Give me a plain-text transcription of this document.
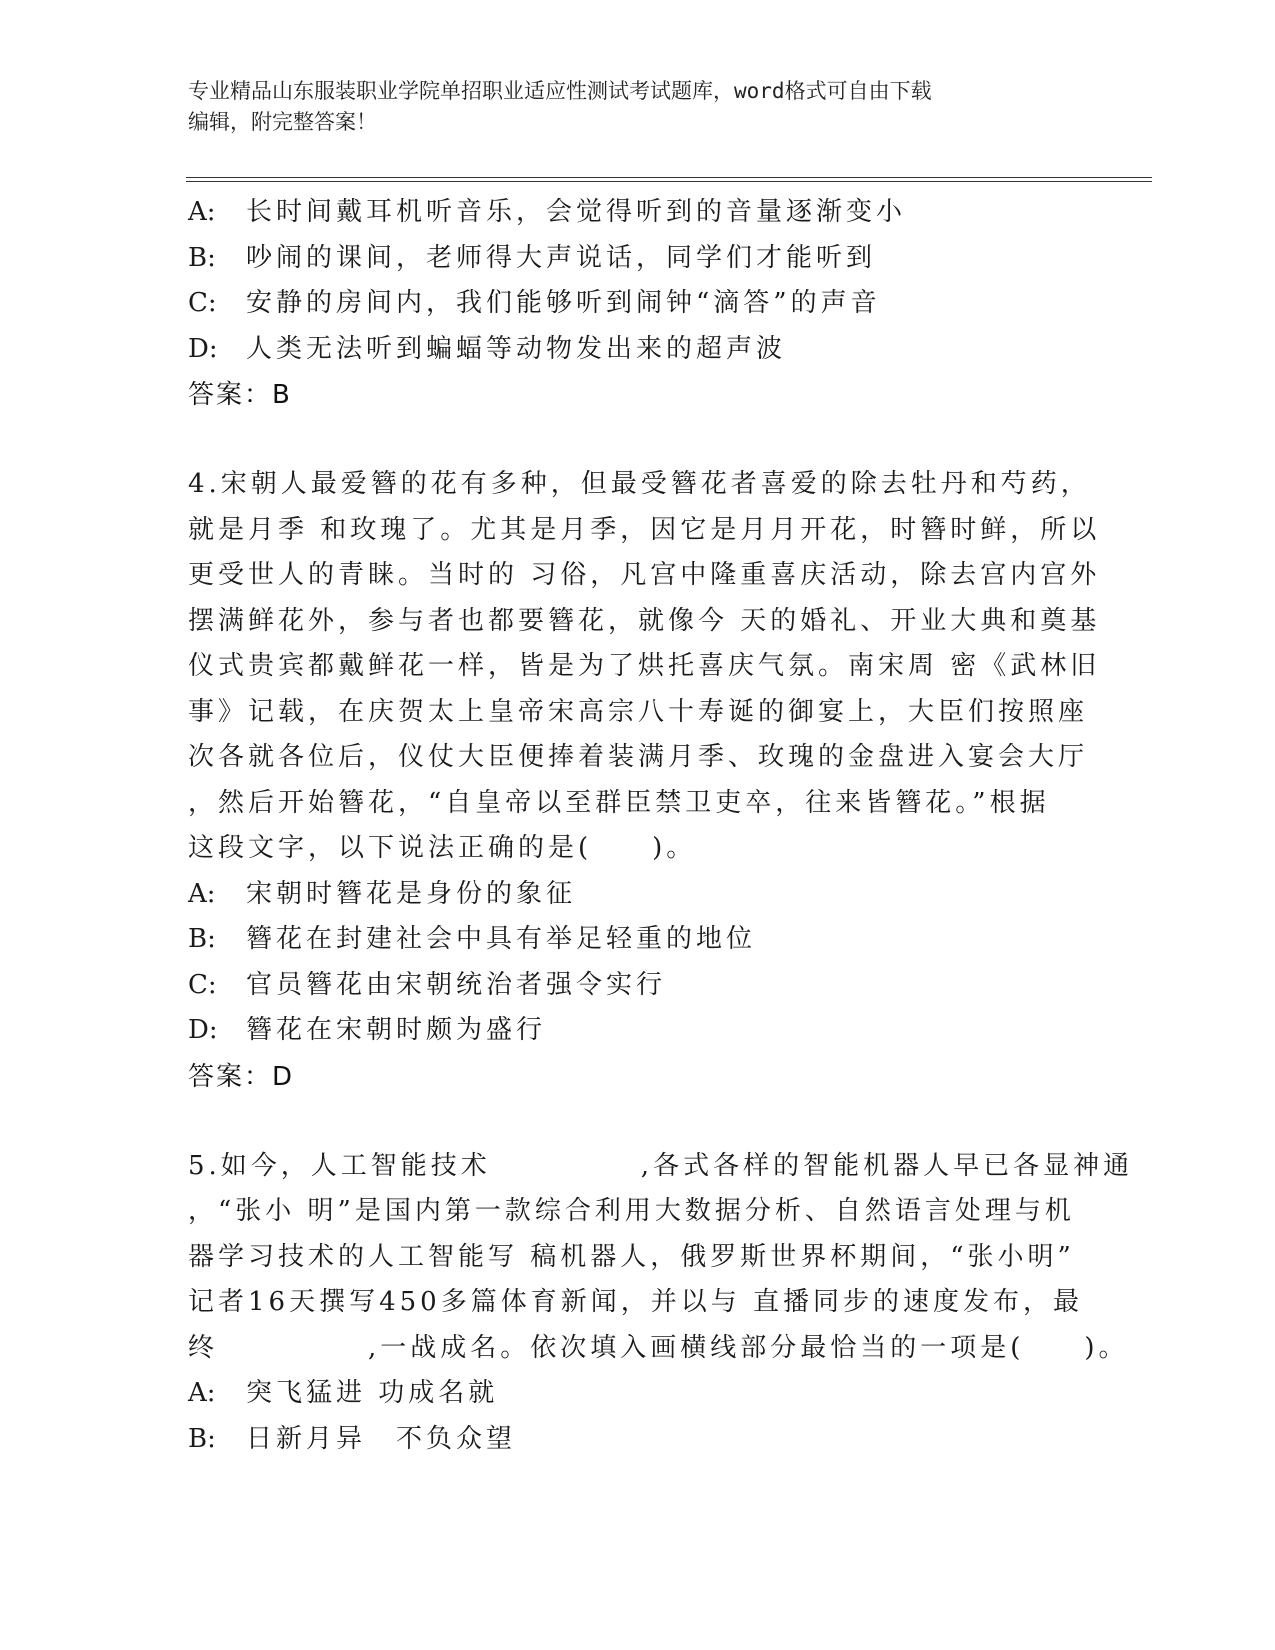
专业精品山东服装职业学院单招职业适应性测试考试题库，word格式可自由下载
编辑，附完整答案！
A: 长时间戴耳机听音乐，会觉得听到的音量逐渐变小
B: 吵闹的课间，老师得大声说话，同学们才能听到
C: 安静的房间内，我们能够听到闹钟“滴答”的声音
D: 人类无法听到蝙蝠等动物发出来的超声波
答案：B
4.宋朝人最爱簪的花有多种，但最受簪花者喜爱的除去牡丹和芍药，
就是月季 和玫瑰了。尤其是月季，因它是月月开花，时簪时鲜，所以
更受世人的青睐。当时的 习俗，凡宫中隆重喜庆活动，除去宫内宫外
摆满鲜花外，参与者也都要簪花，就像今 天的婚礼、开业大典和奠基
仪式贵宾都戴鲜花一样，皆是为了烘托喜庆气氛。南宋周 密《武林旧
事》记载，在庆贺太上皇帝宋高宗八十寿诞的御宴上，大臣们按照座
次各就各位后，仪仗大臣便捧着装满月季、玫瑰的金盘进入宴会大厅
，然后开始簪花，“自皇帝以至群臣禁卫吏卒，往来皆簪花。”根据
这段文字，以下说法正确的是(　　)。
A: 宋朝时簪花是身份的象征
B: 簪花在封建社会中具有举足轻重的地位
C: 官员簪花由宋朝统治者强令实行
D: 簪花在宋朝时颇为盛行
答案：D
5.如今，人工智能技术　　　　　,各式各样的智能机器人早已各显神通
，“张小 明”是国内第一款综合利用大数据分析、自然语言处理与机
器学习技术的人工智能写 稿机器人，俄罗斯世界杯期间，“张小明”
记者16天撰写450多篇体育新闻，并以与 直播同步的速度发布，最
终　　　　　,一战成名。依次填入画横线部分最恰当的一项是(　　)。
A: 突飞猛进 功成名就
B: 日新月异　不负众望
